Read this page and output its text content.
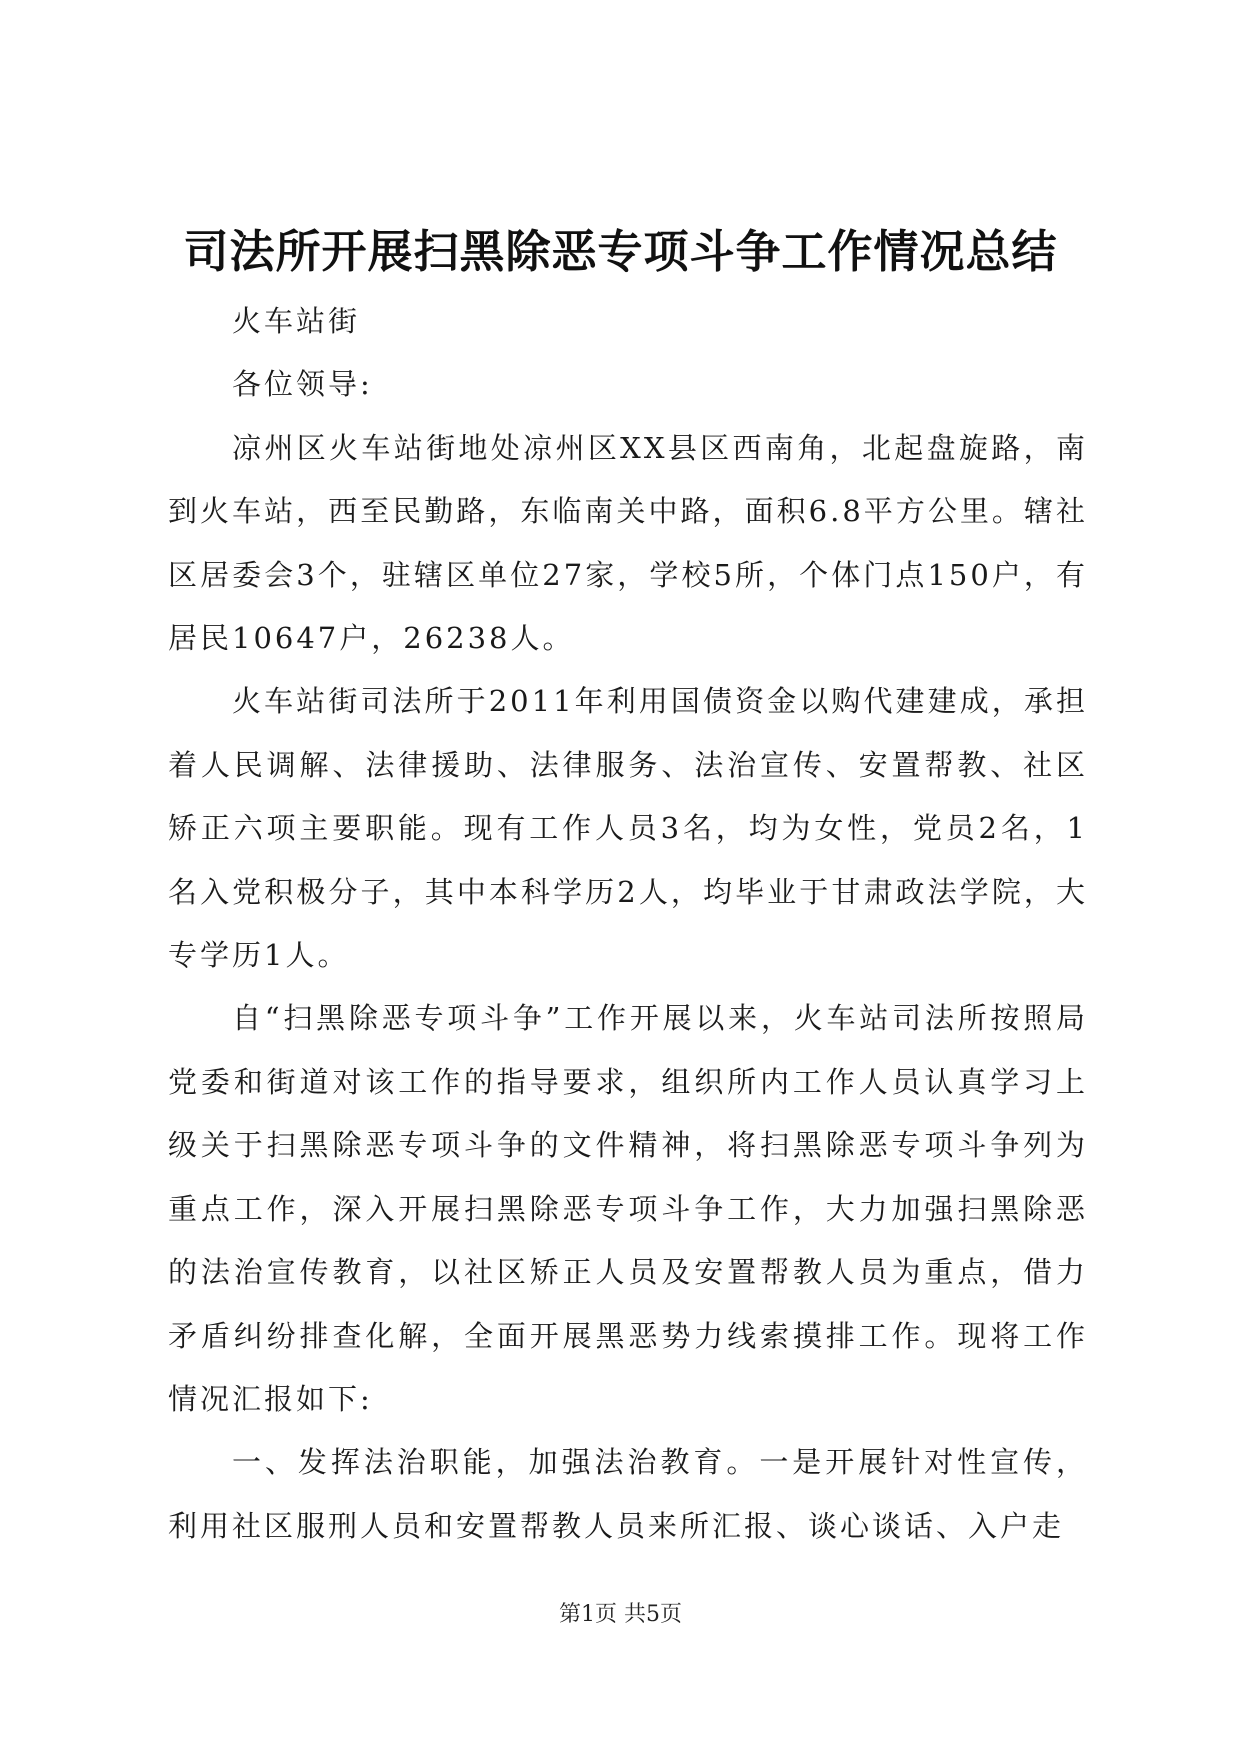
司法所开展扫黑除恶专项斗争工作情况总结

火车站街

各位领导:

凉州区火车站街地处凉州区XX县区西南角，北起盘旋路，南到火车站，西至民勤路，东临南关中路，面积6.8平方公里。辖社区居委会3个，驻辖区单位27家，学校5所，个体门点150户，有居民10647户，26238人。

火车站街司法所于2011年利用国债资金以购代建建成，承担着人民调解、法律援助、法律服务、法治宣传、安置帮教、社区矫正六项主要职能。现有工作人员3名，均为女性，党员2名，1名入党积极分子，其中本科学历2人，均毕业于甘肃政法学院，大专学历1人。

自“扫黑除恶专项斗争”工作开展以来，火车站司法所按照局党委和街道对该工作的指导要求，组织所内工作人员认真学习上级关于扫黑除恶专项斗争的文件精神，将扫黑除恶专项斗争列为重点工作，深入开展扫黑除恶专项斗争工作，大力加强扫黑除恶的法治宣传教育，以社区矫正人员及安置帮教人员为重点，借力矛盾纠纷排查化解，全面开展黑恶势力线索摸排工作。现将工作情况汇报如下:

一、发挥法治职能，加强法治教育。一是开展针对性宣传，利用社区服刑人员和安置帮教人员来所汇报、谈心谈话、入户走

第1页 共5页
